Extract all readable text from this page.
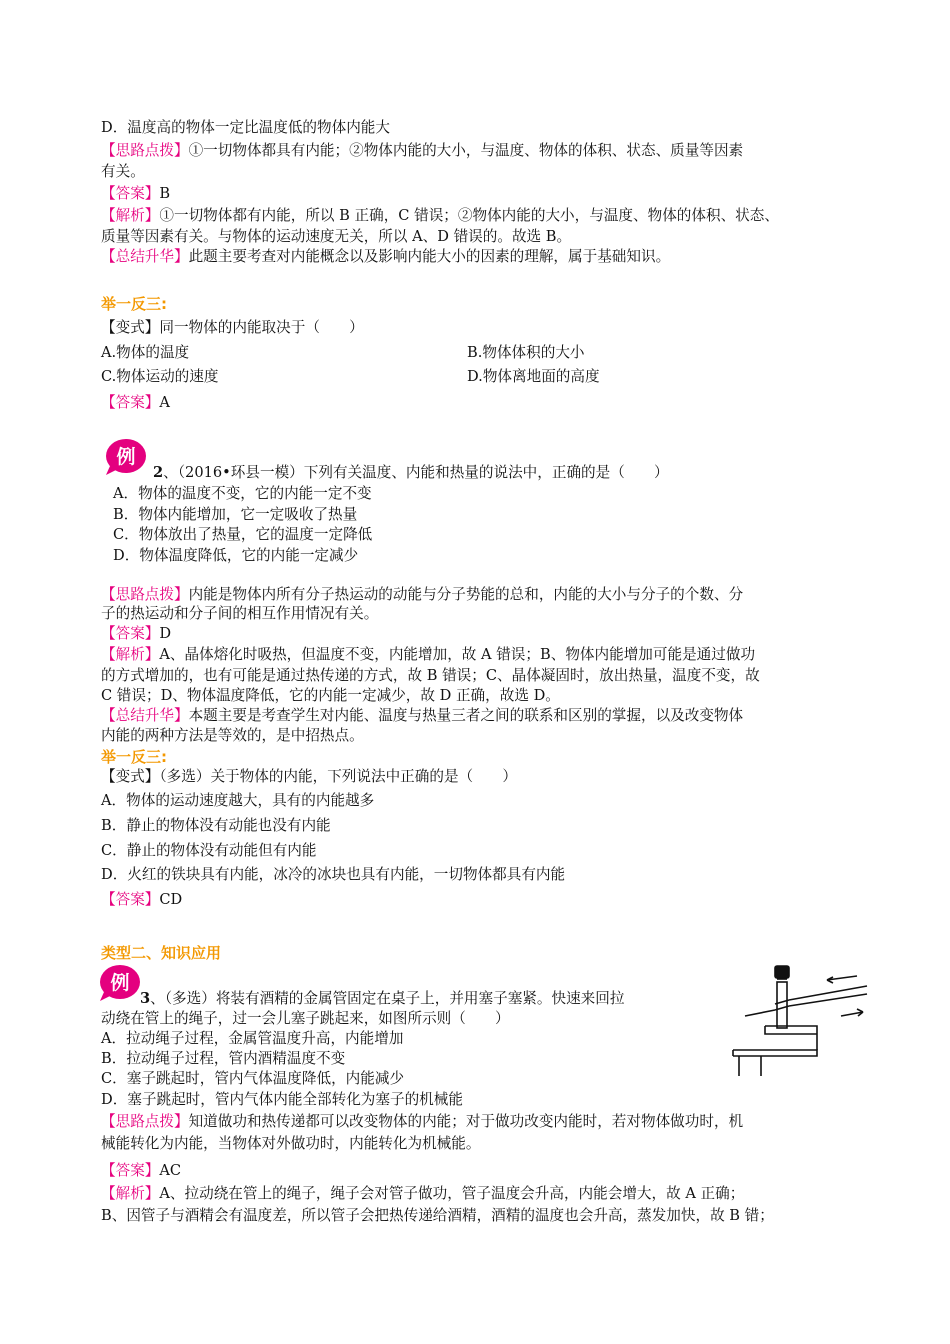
D．温度高的物体一定比温度低的物体内能大
【思路点拨】①一切物体都具有内能；②物体内能的大小，与温度、物体的体积、状态、质量等因素
有关。
【答案】B
【解析】①一切物体都有内能，所以 B 正确，C 错误；②物体内能的大小，与温度、物体的体积、状态、
质量等因素有关。与物体的运动速度无关，所以 A、D 错误的。故选 B。
【总结升华】此题主要考查对内能概念以及影响内能大小的因素的理解，属于基础知识。
举一反三:
【变式】同一物体的内能取决于（　　）
A.物体的温度	B.物体体积的大小
C.物体运动的速度	D.物体离地面的高度
【答案】A
例
2、（2016•环县一模）下列有关温度、内能和热量的说法中，正确的是（　　）
A．物体的温度不变，它的内能一定不变
B．物体内能增加，它一定吸收了热量
C．物体放出了热量，它的温度一定降低
D．物体温度降低，它的内能一定减少
【思路点拨】内能是物体内所有分子热运动的动能与分子势能的总和，内能的大小与分子的个数、分
子的热运动和分子间的相互作用情况有关。
【答案】D
【解析】A、晶体熔化时吸热，但温度不变，内能增加，故 A 错误；B、物体内能增加可能是通过做功
的方式增加的，也有可能是通过热传递的方式，故 B 错误；C、晶体凝固时，放出热量，温度不变，故
C 错误；D、物体温度降低，它的内能一定减少，故 D 正确，故选 D。
【总结升华】本题主要是考查学生对内能、温度与热量三者之间的联系和区别的掌握，以及改变物体
内能的两种方法是等效的，是中招热点。
举一反三:
【变式】（多选）关于物体的内能，下列说法中正确的是（　　）
A．物体的运动速度越大，具有的内能越多
B．静止的物体没有动能也没有内能
C．静止的物体没有动能但有内能
D．火红的铁块具有内能，冰冷的冰块也具有内能，一切物体都具有内能
【答案】CD
类型二、知识应用
例
3、（多选）将装有酒精的金属管固定在桌子上，并用塞子塞紧。快速来回拉
动绕在管上的绳子，过一会儿塞子跳起来，如图所示则（　　）
A．拉动绳子过程，金属管温度升高，内能增加
B．拉动绳子过程，管内酒精温度不变
C．塞子跳起时，管内气体温度降低，内能减少
D．塞子跳起时，管内气体内能全部转化为塞子的机械能
【思路点拨】知道做功和热传递都可以改变物体的内能；对于做功改变内能时，若对物体做功时，机
械能转化为内能，当物体对外做功时，内能转化为机械能。
【答案】AC
【解析】A、拉动绕在管上的绳子，绳子会对管子做功，管子温度会升高，内能会增大，故 A 正确；
B、因管子与酒精会有温度差，所以管子会把热传递给酒精，酒精的温度也会升高，蒸发加快，故 B 错；
